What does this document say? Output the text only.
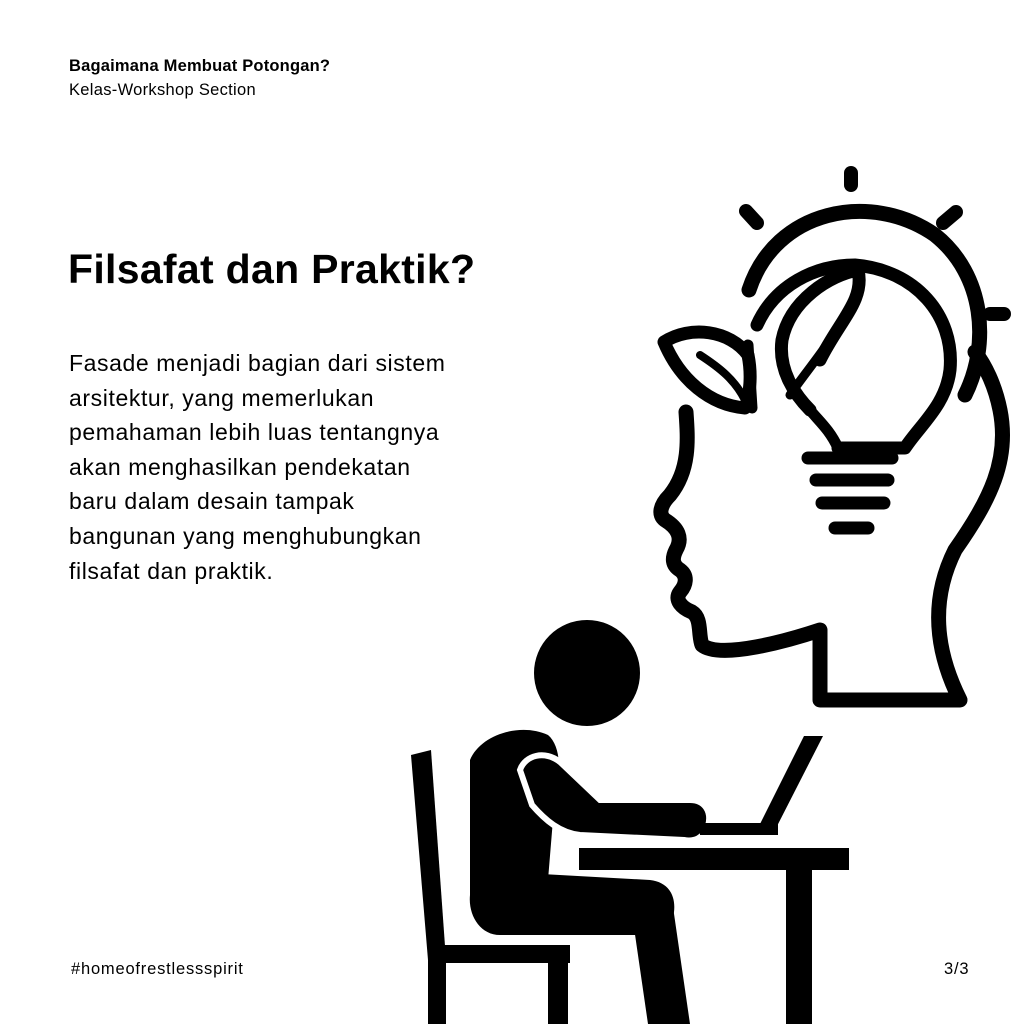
Bagaimana Membuat Potongan?
Kelas-Workshop Section
Filsafat dan Praktik?

Fasade menjadi bagian dari sistem
arsitektur, yang memerlukan
pemahaman lebih luas tentangnya
akan menghasilkan pendekatan
baru dalam desain tampak
bangunan yang menghubungkan
filsafat dan praktik.

#homeofrestlessspirit	3/3
